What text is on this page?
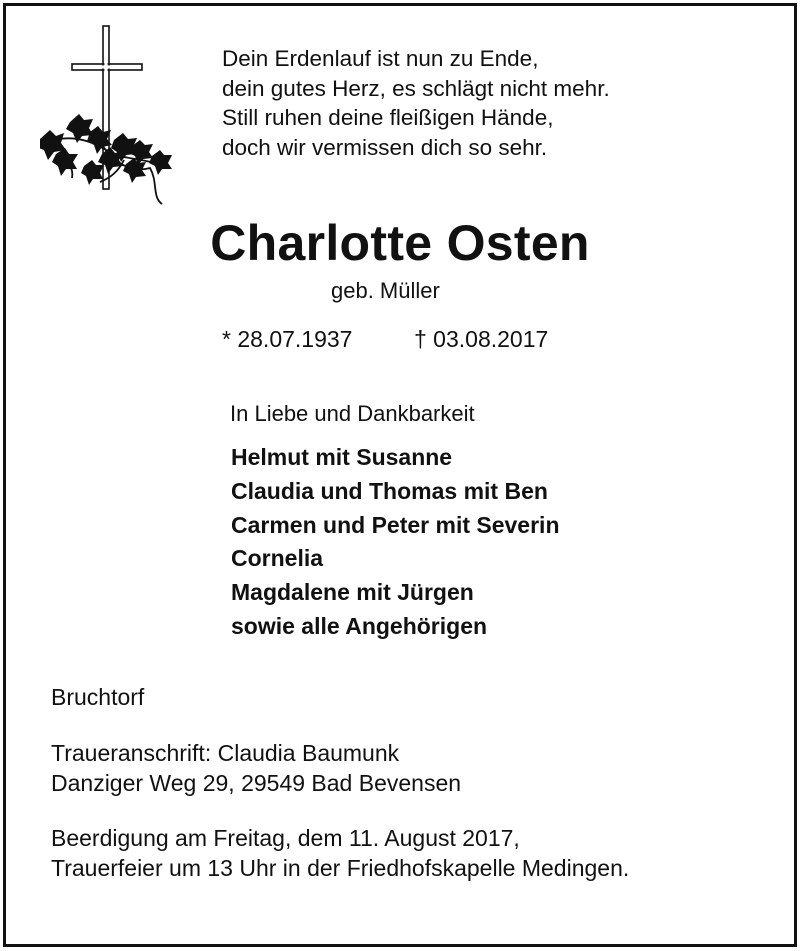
Dein Erdenlauf ist nun zu Ende,
dein gutes Herz, es schlägt nicht mehr.
Still ruhen deine fleißigen Hände,
doch wir vermissen dich so sehr.
Charlotte Osten
geb. Müller
* 28.07.1937	† 03.08.2017
In Liebe und Dankbarkeit
Helmut mit Susanne
Claudia und Thomas mit Ben
Carmen und Peter mit Severin
Cornelia
Magdalene mit Jürgen
sowie alle Angehörigen
Bruchtorf
Traueranschrift: Claudia Baumunk
Danziger Weg 29, 29549 Bad Bevensen
Beerdigung am Freitag, dem 11. August 2017,
Trauerfeier um 13 Uhr in der Friedhofskapelle Medingen.
